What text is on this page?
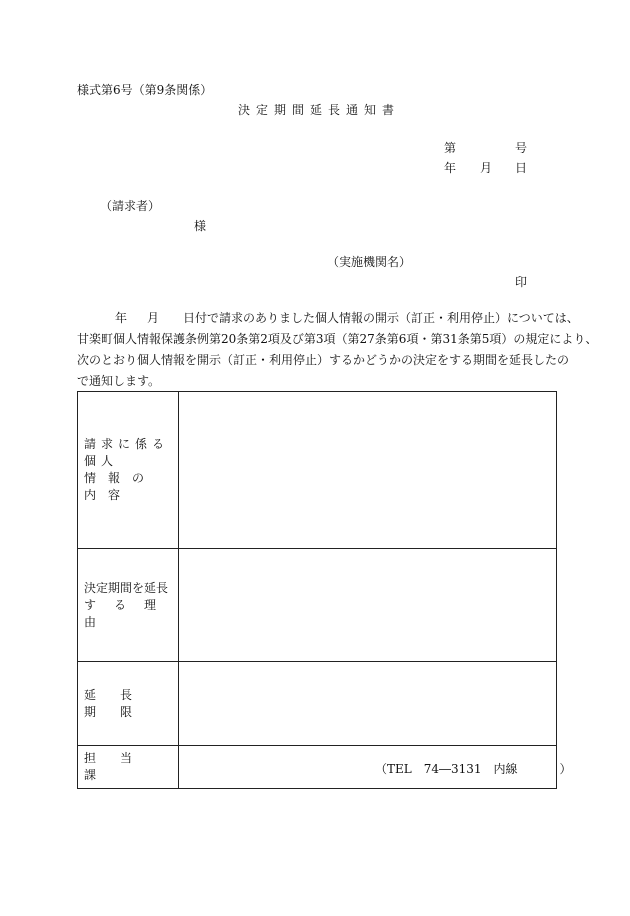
様式第6号（第9条関係）
決定期間延長通知書
第	号
年 月 日
（請求者）
様
（実施機関名）
印
年 月 日付で請求のありました個人情報の開示（訂正・利用停止）については、
甘楽町個人情報保護条例第20条第2項及び第3項（第27条第6項・第31条第5項）の規定により、
次のとおり個人情報を開示（訂正・利用停止）するかどうかの決定をする期間を延長したの
で通知します。
請求に係る個人
情報の内容	

決定期間を延長
する理由	

延長期限	

担当課	（TEL　74―3131　内線 ）
